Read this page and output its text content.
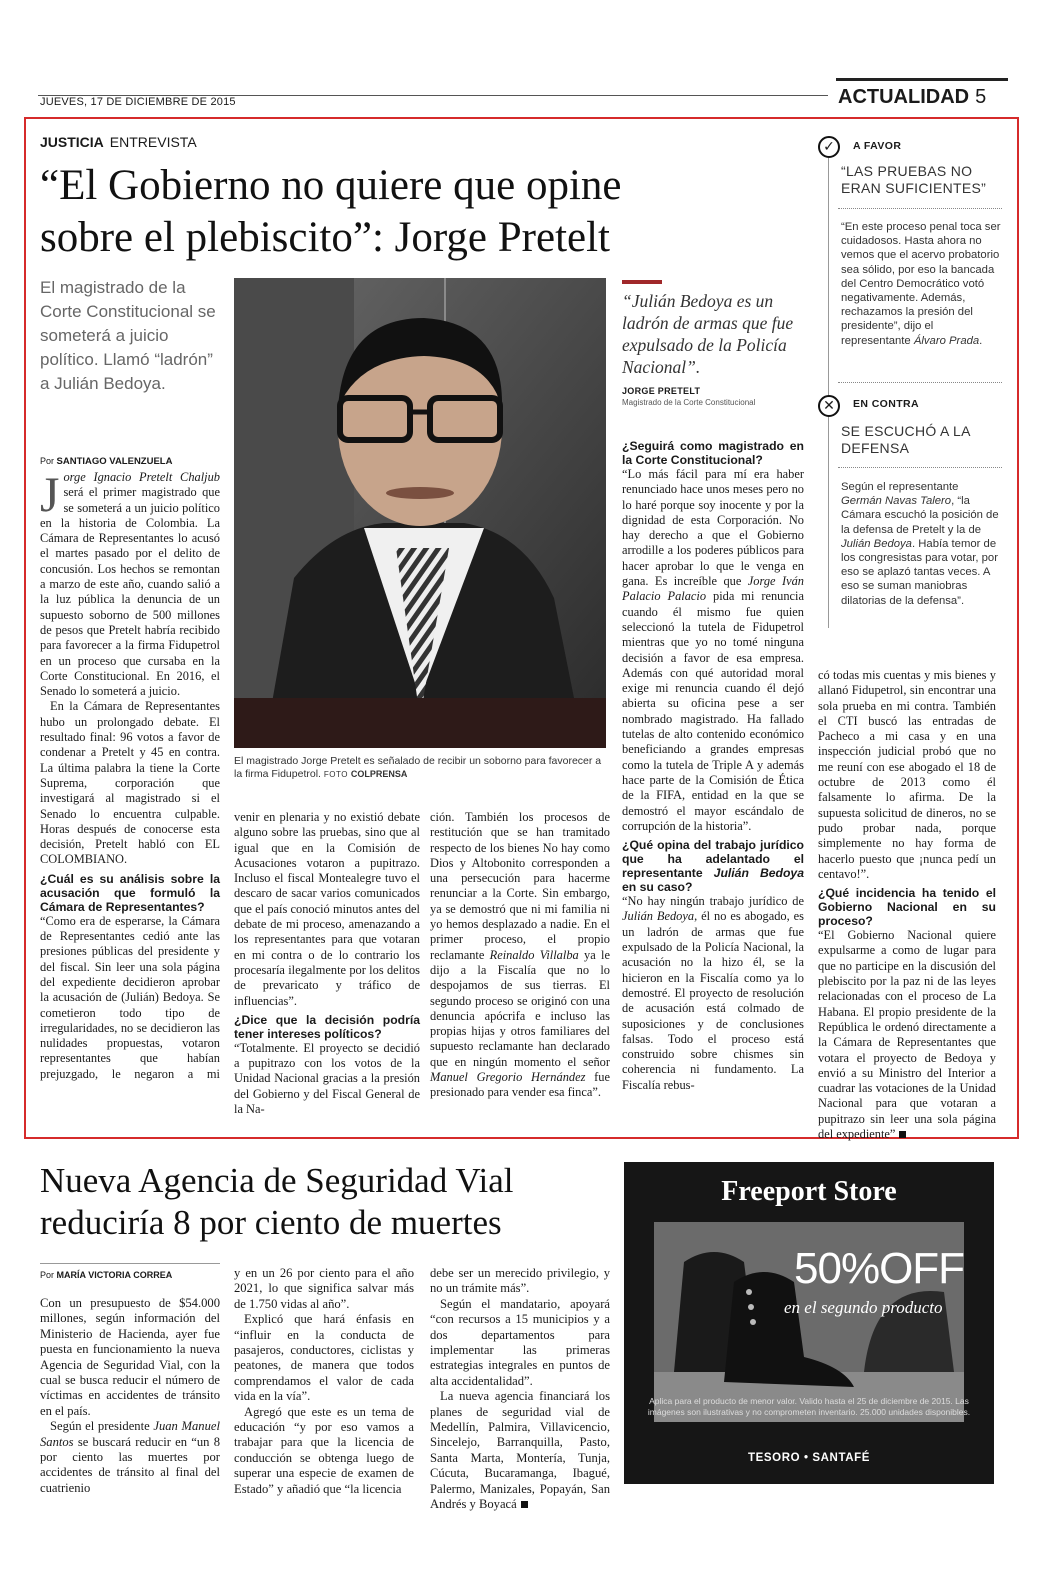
JUEVES, 17 DE DICIEMBRE DE 2015	ACTUALIDAD 5
JUSTICIA ENTREVISTA
“El Gobierno no quiere que opine
sobre el plebiscito”: Jorge Pretelt
El magistrado de la Corte Constitucional se someterá a juicio político. Llamó “ladrón” a Julián Bedoya.
Por SANTIAGO VALENZUELA

Jorge Ignacio Pretelt Chaljub será el primer magistrado que se someterá a un juicio político en la historia de Colombia. La Cámara de Representantes lo acusó el martes pasado por el delito de concusión. Los hechos se remontan a marzo de este año, cuando salió a la luz pública la denuncia de un supuesto soborno de 500 millones de pesos que Pretelt habría recibido para favorecer a la firma Fidupetrol en un proceso que cursaba en la Corte Constitucional. En 2016, el Senado lo someterá a juicio.

En la Cámara de Representantes hubo un prolongado debate. El resultado final: 96 votos a favor de condenar a Pretelt y 45 en contra. La última palabra la tiene la Corte Suprema, corporación que investigará al magistrado si el Senado lo encuentra culpable. Horas después de conocerse esta decisión, Pretelt habló con EL COLOMBIANO.

¿Cuál es su análisis sobre la acusación que formuló la Cámara de Representantes?

“Como era de esperarse, la Cámara de Representantes cedió ante las presiones públicas del presidente y del fiscal. Sin leer una sola página del expediente decidieron aprobar la acusación de (Julián) Bedoya. Se cometieron todo tipo de irregularidades, no se decidieron las nulidades propuestas, votaron representantes que habían prejuzgado, le negaron a mi

El magistrado Jorge Pretelt es señalado de recibir un soborno para favorecer a la firma Fidupetrol. FOTO COLPRENSA

venir en plenaria y no existió debate alguno sobre las pruebas, sino que al igual que en la Comisión de Acusaciones votaron a pupitrazo. Incluso el fiscal Montealegre tuvo el descaro de sacar varios comunicados que el país conoció minutos antes del debate de mi proceso, amenazando a los representantes para que votaran en mi contra o de lo contrario los procesaría ilegalmente por los delitos de prevaricato y tráfico de influencias”.

¿Dice que la decisión podría tener intereses políticos?

“Totalmente. El proyecto se decidió a pupitrazo con los votos de la Unidad Nacional gracias a la presión del Gobierno y del Fiscal General de la Na-

ción. También los procesos de restitución que se han tramitado respecto de los bienes No hay como Dios y Altobonito corresponden a una persecución para hacerme renunciar a la Corte. Sin embargo, ya se demostró que ni mi familia ni yo hemos desplazado a nadie. En el primer proceso, el propio reclamante Reinaldo Villalba ya le dijo a la Fiscalía que no lo despojamos de sus tierras. El segundo proceso se originó con una denuncia apócrifa e incluso las propias hijas y otros familiares del supuesto reclamante han declarado que en ningún momento el señor Manuel Gregorio Hernández fue presionado para vender esa finca”.

“Julián Bedoya es un ladrón de armas que fue expulsado de la Policía Nacional”.
JORGE PRETELT
Magistrado de la Corte Constitucional
¿Seguirá como magistrado en la Corte Constitucional?

“Lo más fácil para mí era haber renunciado hace unos meses pero no lo haré porque soy inocente y por la dignidad de esta Corporación. No hay derecho a que el Gobierno arrodille a los poderes públicos para hacer aprobar lo que le venga en gana. Es increíble que Jorge Iván Palacio Palacio pida mi renuncia cuando él mismo fue quien seleccionó la tutela de Fidupetrol mientras que yo no tomé ninguna decisión a favor de esa empresa. Además con qué autoridad moral exige mi renuncia cuando él dejó abierta su oficina pese a ser nombrado magistrado. Ha fallado tutelas de alto contenido económico beneficiando a grandes empresas como la tutela de Triple A y además hace parte de la Comisión de Ética de la FIFA, entidad en la que se demostró el mayor escándalo de corrupción de la historia”.

¿Qué opina del trabajo jurídico que ha adelantado el representante Julián Bedoya en su caso?

“No hay ningún trabajo jurídico de Julián Bedoya, él no es abogado, es un ladrón de armas que fue expulsado de la Policía Nacional, la acusación no la hizo él, se la hicieron en la Fiscalía como ya lo demostré. El proyecto de resolución de acusación está colmado de suposiciones y de conclusiones falsas. Todo el proceso está construido sobre chismes sin coherencia ni fundamento. La Fiscalía rebus-

có todas mis cuentas y mis bienes y allanó Fidupetrol, sin encontrar una sola prueba en mi contra. También el CTI buscó las entradas de Pacheco a mi casa y en una inspección judicial probó que no me reuní con ese abogado el 18 de octubre de 2013 como él falsamente lo afirma. De la supuesta solicitud de dineros, no se pudo probar nada, porque simplemente no hay forma de hacerlo puesto que ¡nunca pedí un centavo!”.

¿Qué incidencia ha tenido el Gobierno Nacional en su proceso?

“El Gobierno Nacional quiere expulsarme a como de lugar para que no participe en la discusión del plebiscito por la paz ni de las leyes relacionadas con el proceso de La Habana. El propio presidente de la República le ordenó directamente a la Cámara de Representantes que votara el proyecto de Bedoya y envió a su Ministro del Interior a cuadrar las votaciones de la Unidad Nacional para que votaran a pupitrazo sin leer una sola página del expediente”

✓	A FAVOR
“LAS PRUEBAS NO ERAN SUFICIENTES”
“En este proceso penal toca ser cuidadosos. Hasta ahora no vemos que el acervo probatorio sea sólido, por eso la bancada del Centro Democrático votó negativamente. Además, rechazamos la presión del presidente”, dijo el representante Álvaro Prada.
✕	EN CONTRA
SE ESCUCHÓ A LA DEFENSA
Según el representante Germán Navas Talero, “la Cámara escuchó la posición de la defensa de Pretelt y la de Julián Bedoya. Había temor de los congresistas para votar, por eso se aplazó tantas veces. A eso se suman maniobras dilatorias de la defensa”.
Nueva Agencia de Seguridad Vial
reduciría 8 por ciento de muertes
Por MARÍA VICTORIA CORREA

Con un presupuesto de $54.000 millones, según información del Ministerio de Hacienda, ayer fue puesta en funcionamiento la nueva Agencia de Seguridad Vial, con la cual se busca reducir el número de víctimas en accidentes de tránsito en el país.

Según el presidente Juan Manuel Santos se buscará reducir en “un 8 por ciento las muertes por accidentes de tránsito al final del cuatrienio

y en un 26 por ciento para el año 2021, lo que significa salvar más de 1.750 vidas al año”.

Explicó que hará énfasis en “influir en la conducta de pasajeros, conductores, ciclistas y peatones, de manera que todos comprendamos el valor de cada vida en la vía”.

Agregó que este es un tema de educación “y por eso vamos a trabajar para que la licencia de conducción se obtenga luego de superar una especie de examen de Estado” y añadió que “la licencia

debe ser un merecido privilegio, y no un trámite más”.

Según el mandatario, apoyará “con recursos a 15 municipios y a dos departamentos para implementar las primeras estrategias integrales en puntos de alta accidentalidad”.

La nueva agencia financiará los planes de seguridad vial de Medellín, Palmira, Villavicencio, Sincelejo, Barranquilla, Pasto, Santa Marta, Montería, Tunja, Cúcuta, Bucaramanga, Ibagué, Palermo, Manizales, Popayán, San Andrés y Boyacá

Freeport Store
50%OFF
en el segundo producto
Aplica para el producto de menor valor. Valido hasta el 25 de diciembre de 2015. Las imágenes son ilustrativas y no comprometen inventario. 25.000 unidades disponibles.
TESORO • SANTAFÉ
